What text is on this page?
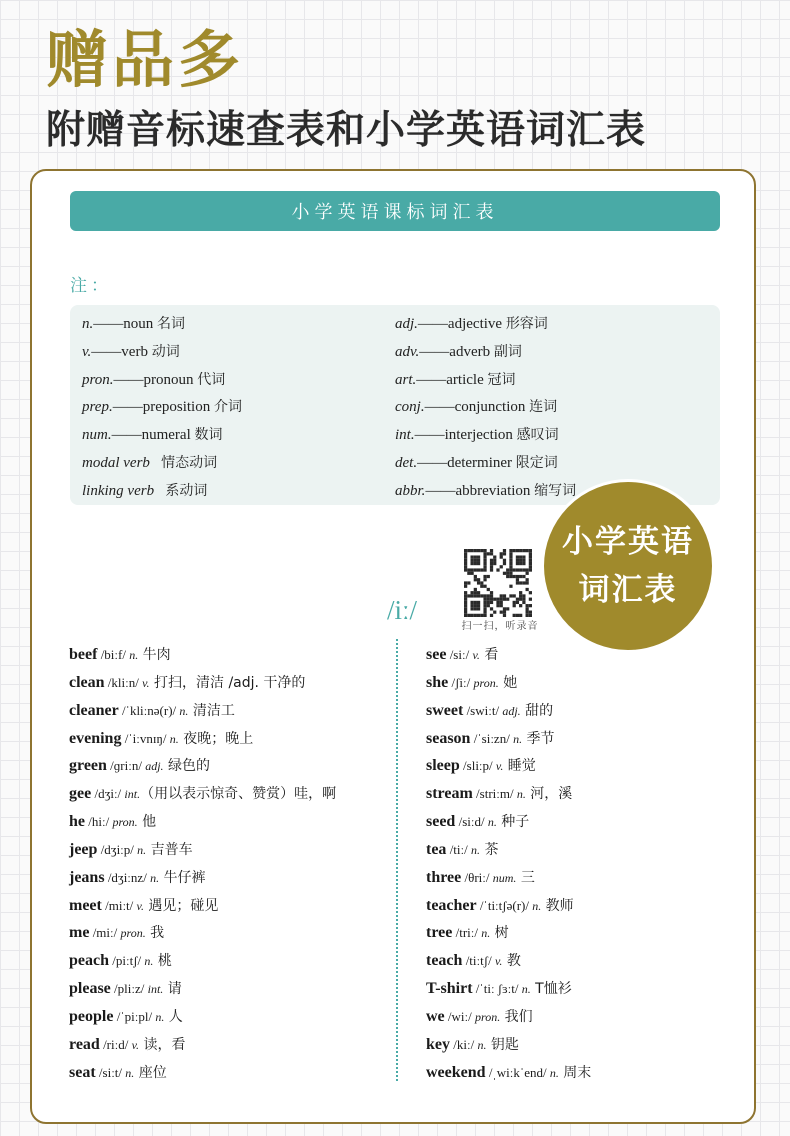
赠品多
附赠音标速查表和小学英语词汇表
小学英语课标词汇表
注：
n.——noun 名词
v.——verb 动词
pron.——pronoun 代词
prep.——preposition 介词
num.——numeral 数词
modal verb 情态动词
linking verb 系动词
adj.——adjective 形容词
adv.——adverb 副词
art.——article 冠词
conj.——conjunction 连词
int.——interjection 感叹词
det.——determiner 限定词
abbr.——abbreviation 缩写词
扫一扫，听录音
小学英语
词汇表
/iː/
beef /biːf/ n. 牛肉
clean /kliːn/ v. 打扫，清洁 /adj. 干净的
cleaner /ˈkliːnə(r)/ n. 清洁工
evening /ˈiːvnɪŋ/ n. 夜晚；晚上
green /ɡriːn/ adj. 绿色的
gee /dʒiː/ int.（用以表示惊奇、赞赏）哇，啊
he /hiː/ pron. 他
jeep /dʒiːp/ n. 吉普车
jeans /dʒiːnz/ n. 牛仔裤
meet /miːt/ v. 遇见；碰见
me /miː/ pron. 我
peach /piːtʃ/ n. 桃
please /pliːz/ int. 请
people /ˈpiːpl/ n. 人
read /riːd/ v. 读，看
seat /siːt/ n. 座位
see /siː/ v. 看
she /ʃiː/ pron. 她
sweet /swiːt/ adj. 甜的
season /ˈsiːzn/ n. 季节
sleep /sliːp/ v. 睡觉
stream /striːm/ n. 河，溪
seed /siːd/ n. 种子
tea /tiː/ n. 茶
three /θriː/ num. 三
teacher /ˈtiːtʃə(r)/ n. 教师
tree /triː/ n. 树
teach /tiːtʃ/ v. 教
T-shirt /ˈtiː ʃɜːt/ n. T恤衫
we /wiː/ pron. 我们
key /kiː/ n. 钥匙
weekend /ˌwiːkˈend/ n. 周末
